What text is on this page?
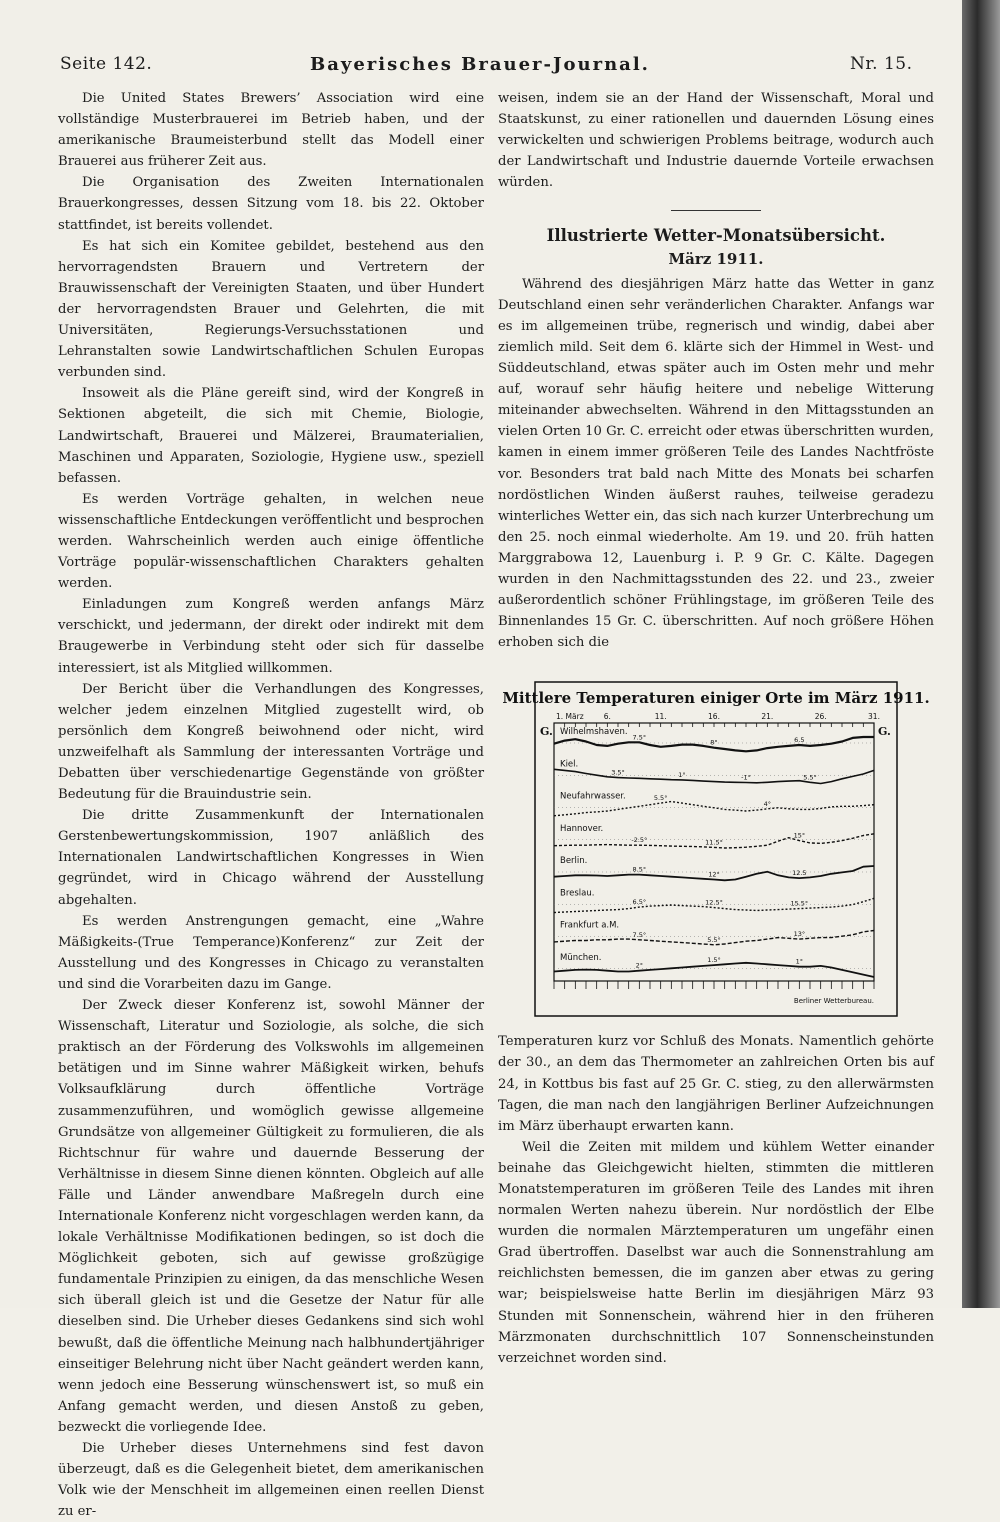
Seite 142.	Bayerisches Brauer-Journal.	Nr. 15.

Die United States Brewers’ Association wird eine vollständige Musterbrauerei im Betrieb haben, und der amerikanische Braumeisterbund stellt das Modell einer Brauerei aus früherer Zeit aus.

Die Organisation des Zweiten Internationalen Brauerkongresses, dessen Sitzung vom 18. bis 22. Oktober stattfindet, ist bereits vollendet.

Es hat sich ein Komitee gebildet, bestehend aus den hervorragendsten Brauern und Vertretern der Brauwissenschaft der Vereinigten Staaten, und über Hundert der hervorragendsten Brauer und Gelehrten, die mit Universitäten, Regierungs-Versuchsstationen und Lehranstalten sowie Landwirtschaftlichen Schulen Europas verbunden sind.

Insoweit als die Pläne gereift sind, wird der Kongreß in Sektionen abgeteilt, die sich mit Chemie, Biologie, Landwirtschaft, Brauerei und Mälzerei, Braumaterialien, Maschinen und Apparaten, Soziologie, Hygiene usw., speziell befassen.

Es werden Vorträge gehalten, in welchen neue wissenschaftliche Entdeckungen veröffentlicht und besprochen werden. Wahrscheinlich werden auch einige öffentliche Vorträge populär-wissenschaftlichen Charakters gehalten werden.

Einladungen zum Kongreß werden anfangs März verschickt, und jedermann, der direkt oder indirekt mit dem Braugewerbe in Verbindung steht oder sich für dasselbe interessiert, ist als Mitglied willkommen.

Der Bericht über die Verhandlungen des Kongresses, welcher jedem einzelnen Mitglied zugestellt wird, ob persönlich dem Kongreß beiwohnend oder nicht, wird unzweifelhaft als Sammlung der interessanten Vorträge und Debatten über verschiedenartige Gegenstände von größter Bedeutung für die Brauindustrie sein.

Die dritte Zusammenkunft der Internationalen Gerstenbewertungskommission, 1907 anläßlich des Internationalen Landwirtschaftlichen Kongresses in Wien gegründet, wird in Chicago während der Ausstellung abgehalten.

Es werden Anstrengungen gemacht, eine „Wahre Mäßigkeits-(True Temperance)Konferenz“ zur Zeit der Ausstellung und des Kongresses in Chicago zu veranstalten und sind die Vorarbeiten dazu im Gange.

Der Zweck dieser Konferenz ist, sowohl Männer der Wissenschaft, Literatur und Soziologie, als solche, die sich praktisch an der Förderung des Volkswohls im allgemeinen betätigen und im Sinne wahrer Mäßigkeit wirken, behufs Volksaufklärung durch öffentliche Vorträge zusammenzuführen, und womöglich gewisse allgemeine Grundsätze von allgemeiner Gültigkeit zu formulieren, die als Richtschnur für wahre und dauernde Besserung der Verhältnisse in diesem Sinne dienen könnten. Obgleich auf alle Fälle und Länder anwendbare Maßregeln durch eine Internationale Konferenz nicht vorgeschlagen werden kann, da lokale Verhältnisse Modifikationen bedingen, so ist doch die Möglichkeit geboten, sich auf gewisse großzügige fundamentale Prinzipien zu einigen, da das menschliche Wesen sich überall gleich ist und die Gesetze der Natur für alle dieselben sind. Die Urheber dieses Gedankens sind sich wohl bewußt, daß die öffentliche Meinung nach halbhundertjähriger einseitiger Belehrung nicht über Nacht geändert werden kann, wenn jedoch eine Besserung wünschenswert ist, so muß ein Anfang gemacht werden, und diesen Anstoß zu geben, bezweckt die vorliegende Idee.

Die Urheber dieses Unternehmens sind fest davon überzeugt, daß es die Gelegenheit bietet, dem amerikanischen Volk wie der Menschheit im allgemeinen einen reellen Dienst zu er-

weisen, indem sie an der Hand der Wissenschaft, Moral und Staatskunst, zu einer rationellen und dauernden Lösung eines verwickelten und schwierigen Problems beitrage, wodurch auch der Landwirtschaft und Industrie dauernde Vorteile erwachsen würden.

Illustrierte Wetter-Monatsübersicht.
März 1911.

Während des diesjährigen März hatte das Wetter in ganz Deutschland einen sehr veränderlichen Charakter. Anfangs war es im allgemeinen trübe, regnerisch und windig, dabei aber ziemlich mild. Seit dem 6. klärte sich der Himmel in West- und Süddeutschland, etwas später auch im Osten mehr und mehr auf, worauf sehr häufig heitere und nebelige Witterung miteinander abwechselten. Während in den Mittagsstunden an vielen Orten 10 Gr. C. erreicht oder etwas überschritten wurden, kamen in einem immer größeren Teile des Landes Nachtfröste vor. Besonders trat bald nach Mitte des Monats bei scharfen nordöstlichen Winden äußerst rauhes, teilweise geradezu winterliches Wetter ein, das sich nach kurzer Unterbrechung um den 25. noch einmal wiederholte. Am 19. und 20. früh hatten Marggrabowa 12, Lauenburg i. P. 9 Gr. C. Kälte. Dagegen wurden in den Nachmittagsstunden des 22. und 23., zweier außerordentlich schöner Frühlingstage, im größeren Teile des Binnenlandes 15 Gr. C. überschritten. Auf noch größere Höhen erhoben sich die

Mittlere Temperaturen einiger Orte im März 1911.
G.	G.
1. März	6.	11.	16.	21.	26.	31.
Berliner Wetterbureau.
Wilhelmshaven.
7.5°
8°	6.5
Kiel.
3.5°	1°	-1°	5.5°
Neufahrwasser.	5.5°
4°
Hannover.
-2.5°	11.5°
15°
Berlin.
8.5°
12°	12.5
Breslau.
6.5°	12.5°	15.5°
Frankfurt a.M.
7.5°
5.5°
13°
München.
2°
1.5°	1°

Temperaturen kurz vor Schluß des Monats. Namentlich gehörte der 30., an dem das Thermometer an zahlreichen Orten bis auf 24, in Kottbus bis fast auf 25 Gr. C. stieg, zu den allerwärmsten Tagen, die man nach den langjährigen Berliner Aufzeichnungen im März überhaupt erwarten kann.

Weil die Zeiten mit mildem und kühlem Wetter einander beinahe das Gleichgewicht hielten, stimmten die mittleren Monatstemperaturen im größeren Teile des Landes mit ihren normalen Werten nahezu überein. Nur nordöstlich der Elbe wurden die normalen Märztemperaturen um ungefähr einen Grad übertroffen. Daselbst war auch die Sonnenstrahlung am reichlichsten bemessen, die im ganzen aber etwas zu gering war; beispielsweise hatte Berlin im diesjährigen März 93 Stunden mit Sonnenschein, während hier in den früheren Märzmonaten durchschnittlich 107 Sonnenscheinstunden verzeichnet worden sind.
